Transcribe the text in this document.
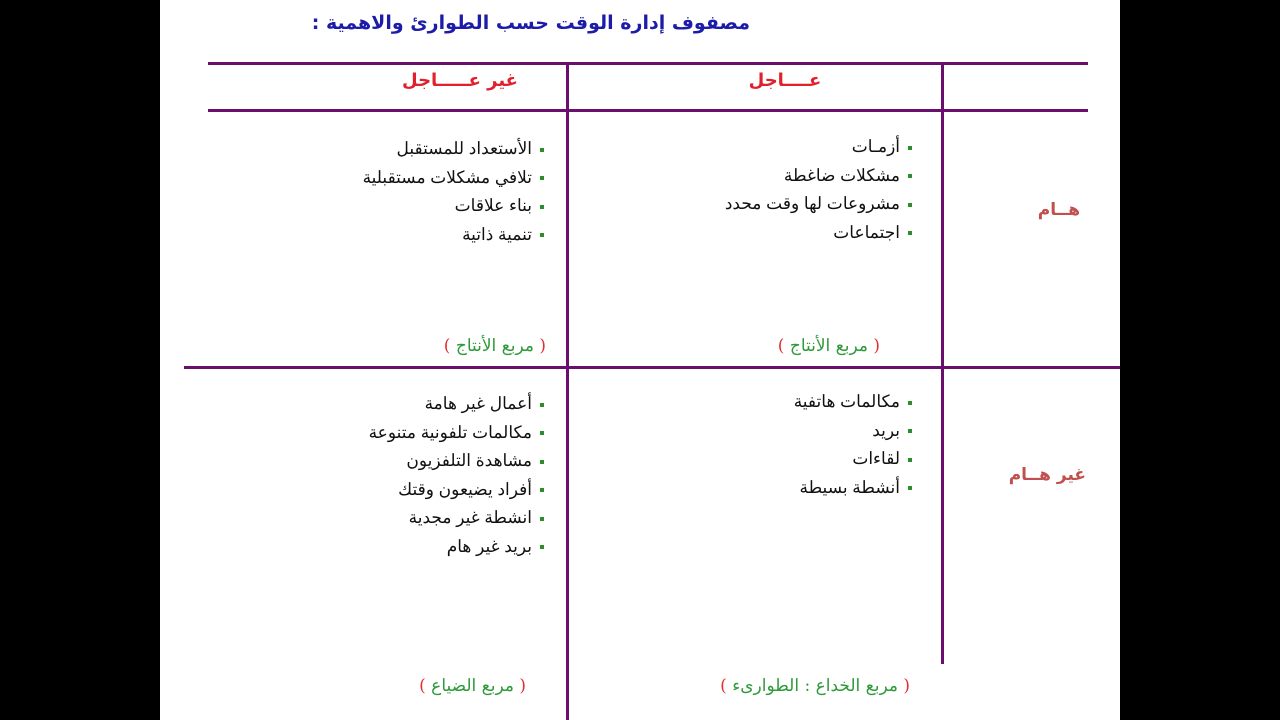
مصفوف إدارة الوقت حسب الطوارئ والاهمية :
عــــاجل
غير عـــــاجل
هــام
غير هــام
أزمـات
مشكلات ضاغطة
مشروعات لها وقت محدد
اجتماعات
( مربع الأنتاج )
الأستعداد للمستقبل
تلافي مشكلات مستقبلية
بناء علاقات
تنمية ذاتية
( مربع الأنتاج )
مكالمات هاتفية
بريد
لقاءات
أنشطة بسيطة
( مربع الخداع : الطوارىء )
أعمال غير هامة
مكالمات تلفونية متنوعة
مشاهدة التلفزيون
أفراد يضيعون وقتك
انشطة غير مجدية
بريد غير هام
( مربع الضياع )
